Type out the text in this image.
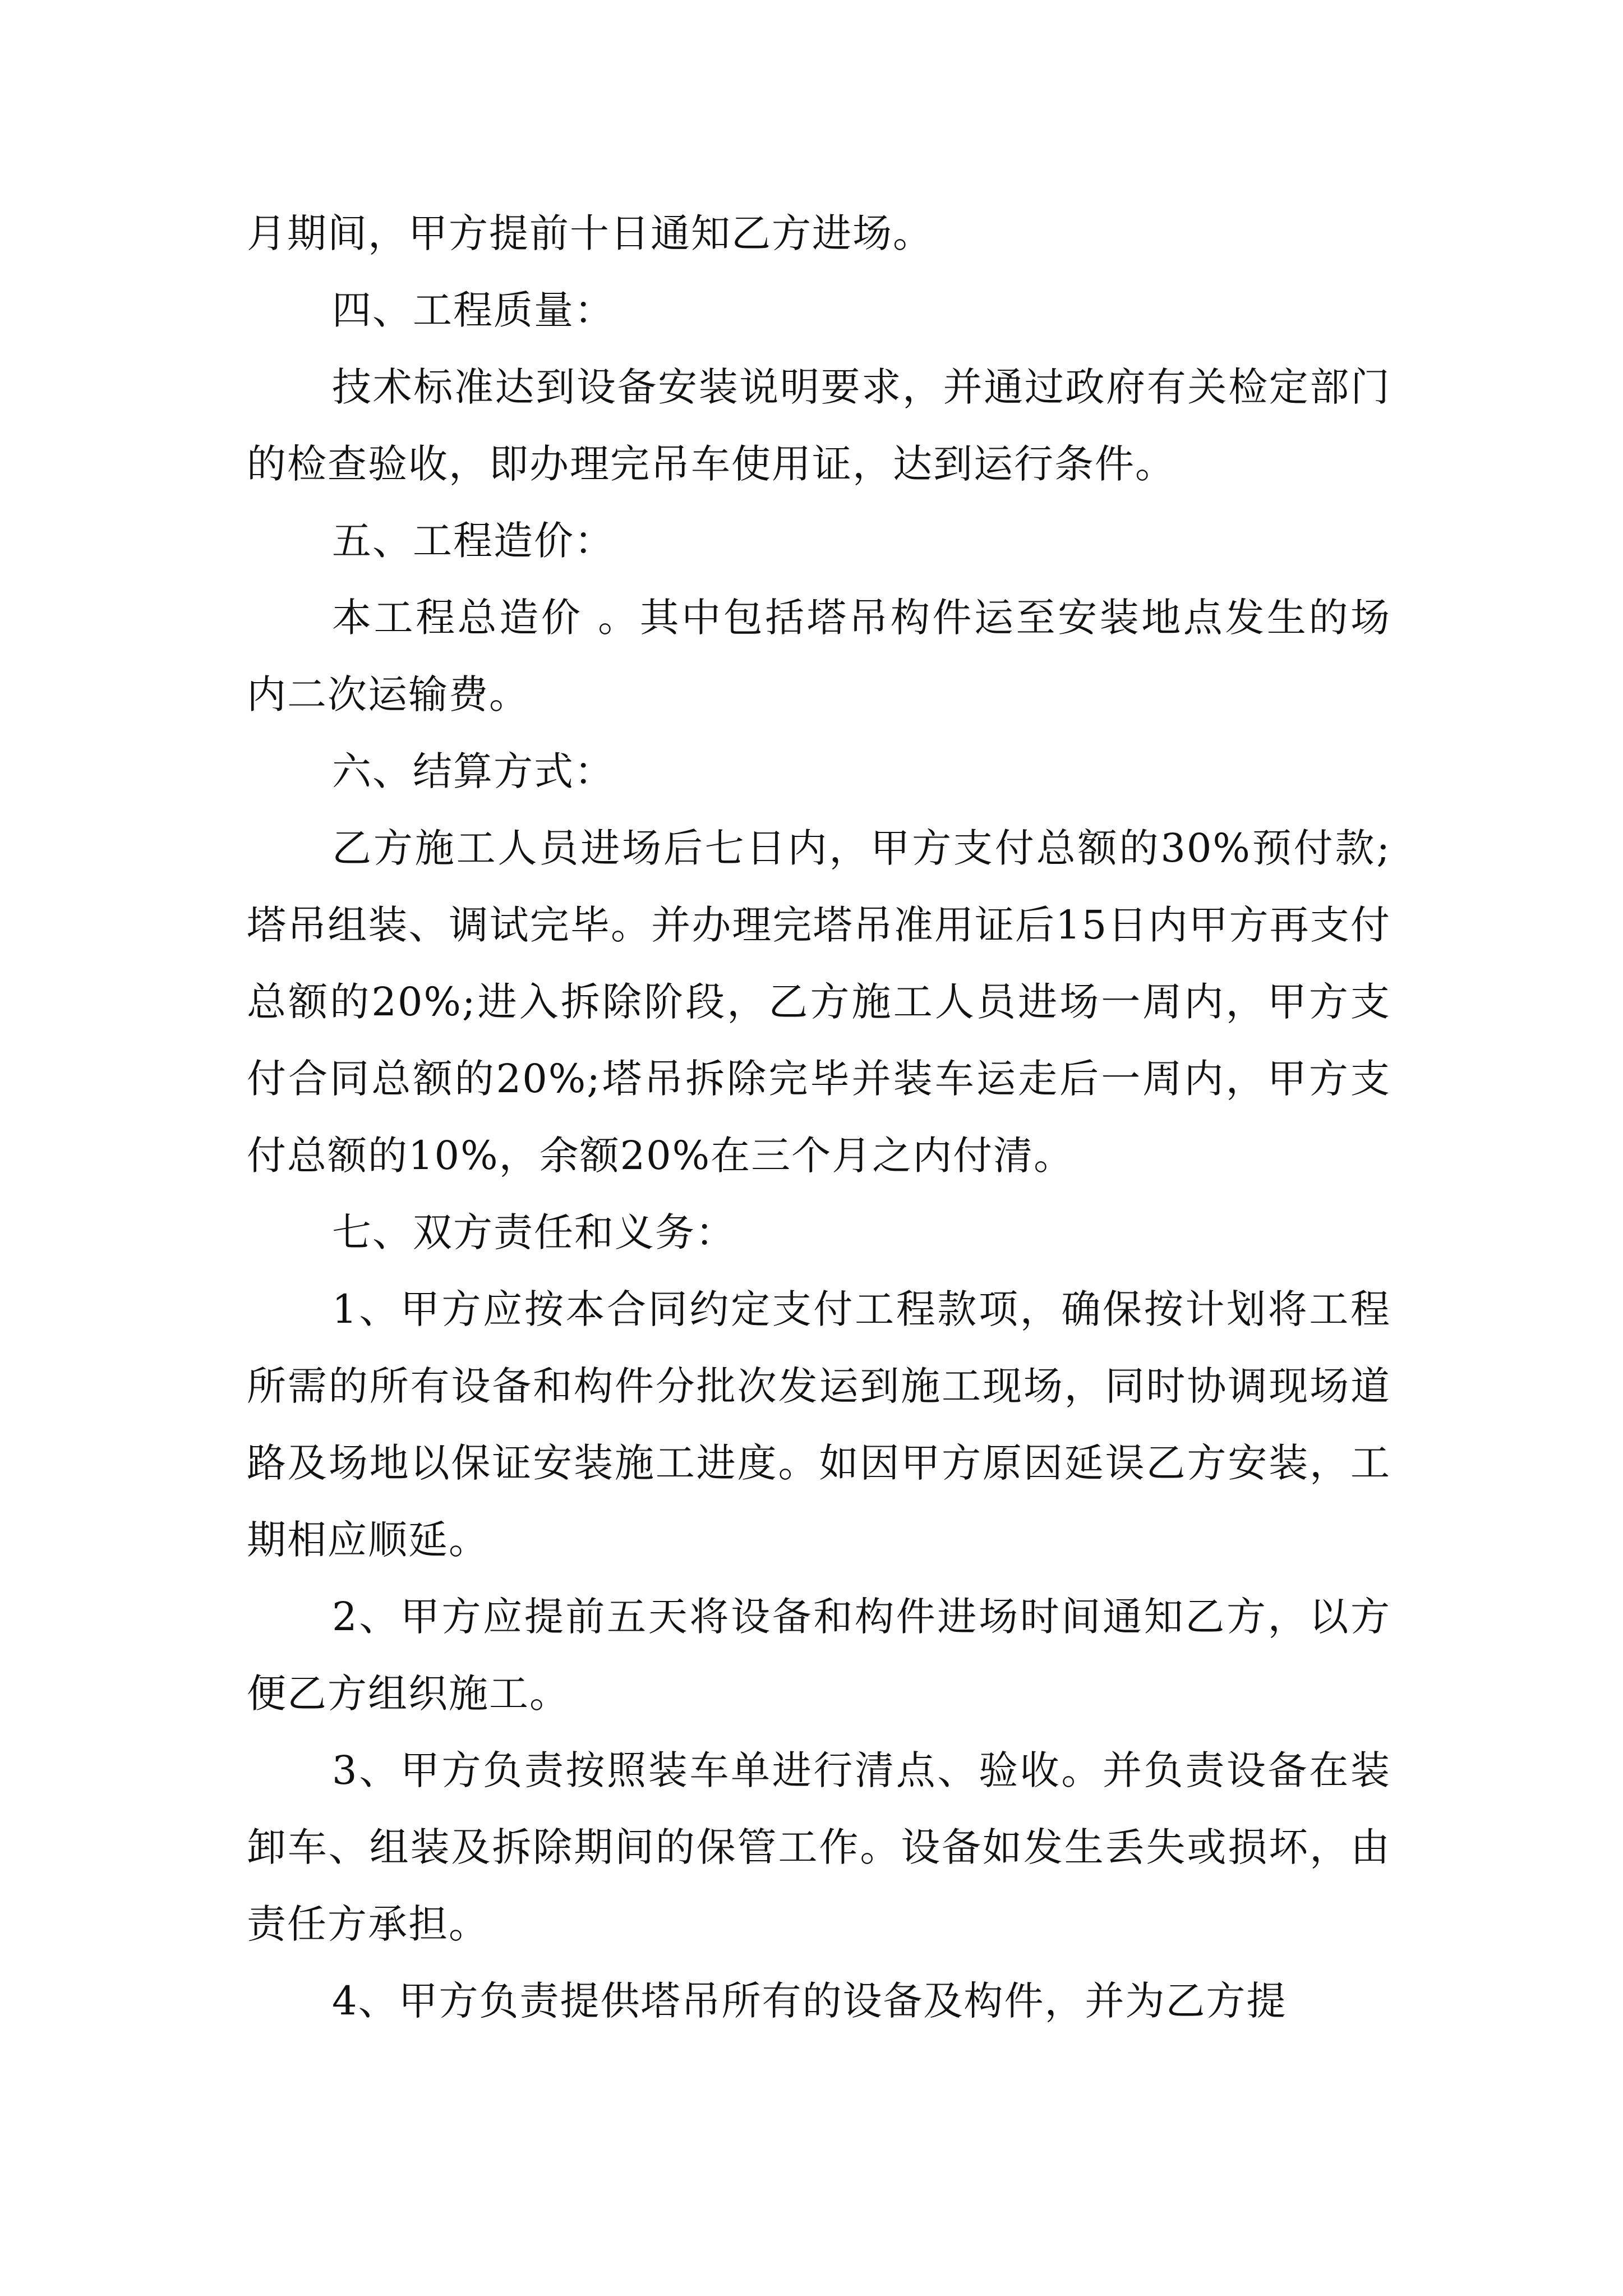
月期间，甲方提前十日通知乙方进场。

四、工程质量：

技术标准达到设备安装说明要求，并通过政府有关检定部门的检查验收，即办理完吊车使用证，达到运行条件。

五、工程造价：

本工程总造价 。其中包括塔吊构件运至安装地点发生的场内二次运输费。

六、结算方式：

乙方施工人员进场后七日内，甲方支付总额的30%预付款;塔吊组装、调试完毕。并办理完塔吊准用证后15日内甲方再支付总额的20%;进入拆除阶段，乙方施工人员进场一周内，甲方支付合同总额的20%;塔吊拆除完毕并装车运走后一周内，甲方支付总额的10%，余额20%在三个月之内付清。

七、双方责任和义务：

1、甲方应按本合同约定支付工程款项，确保按计划将工程所需的所有设备和构件分批次发运到施工现场，同时协调现场道路及场地以保证安装施工进度。如因甲方原因延误乙方安装，工期相应顺延。

2、甲方应提前五天将设备和构件进场时间通知乙方，以方便乙方组织施工。

3、甲方负责按照装车单进行清点、验收。并负责设备在装卸车、组装及拆除期间的保管工作。设备如发生丢失或损坏，由责任方承担。

4、甲方负责提供塔吊所有的设备及构件，并为乙方提
